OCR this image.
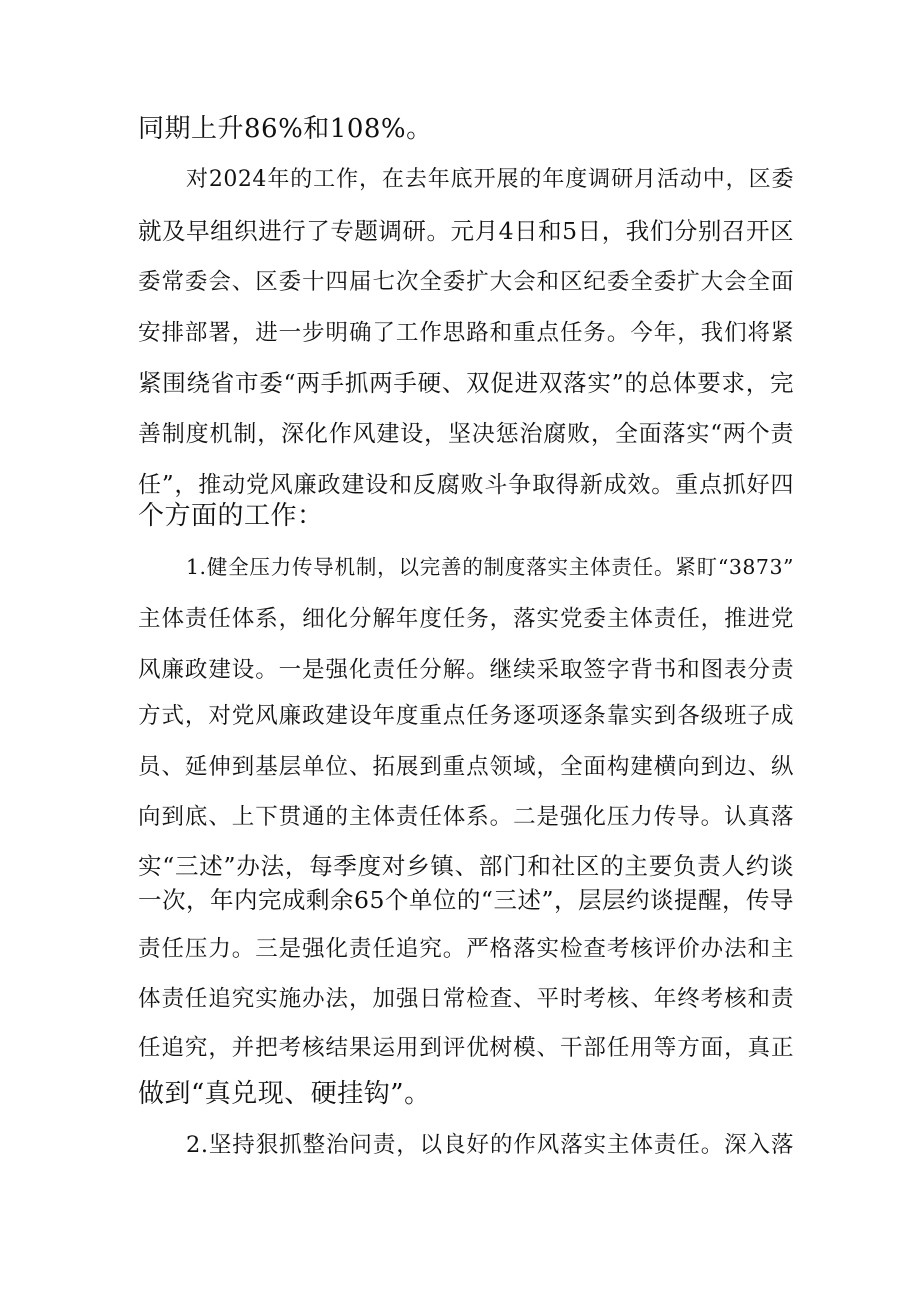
同期上升86%和108%。
对2024年的工作，在去年底开展的年度调研月活动中，区委
就及早组织进行了专题调研。元月4日和5日，我们分别召开区
委常委会、区委十四届七次全委扩大会和区纪委全委扩大会全面
安排部署，进一步明确了工作思路和重点任务。今年，我们将紧
紧围绕省市委“两手抓两手硬、双促进双落实”的总体要求，完
善制度机制，深化作风建设，坚决惩治腐败，全面落实“两个责
任”，推动党风廉政建设和反腐败斗争取得新成效。重点抓好四
个方面的工作：
1.健全压力传导机制，以完善的制度落实主体责任。紧盯“3873”
主体责任体系，细化分解年度任务，落实党委主体责任，推进党
风廉政建设。一是强化责任分解。继续采取签字背书和图表分责
方式，对党风廉政建设年度重点任务逐项逐条靠实到各级班子成
员、延伸到基层单位、拓展到重点领域，全面构建横向到边、纵
向到底、上下贯通的主体责任体系。二是强化压力传导。认真落
实“三述”办法，每季度对乡镇、部门和社区的主要负责人约谈
一次，年内完成剩余65个单位的“三述”，层层约谈提醒，传导
责任压力。三是强化责任追究。严格落实检查考核评价办法和主
体责任追究实施办法，加强日常检查、平时考核、年终考核和责
任追究，并把考核结果运用到评优树模、干部任用等方面，真正
做到“真兑现、硬挂钩”。
2.坚持狠抓整治问责，以良好的作风落实主体责任。深入落
